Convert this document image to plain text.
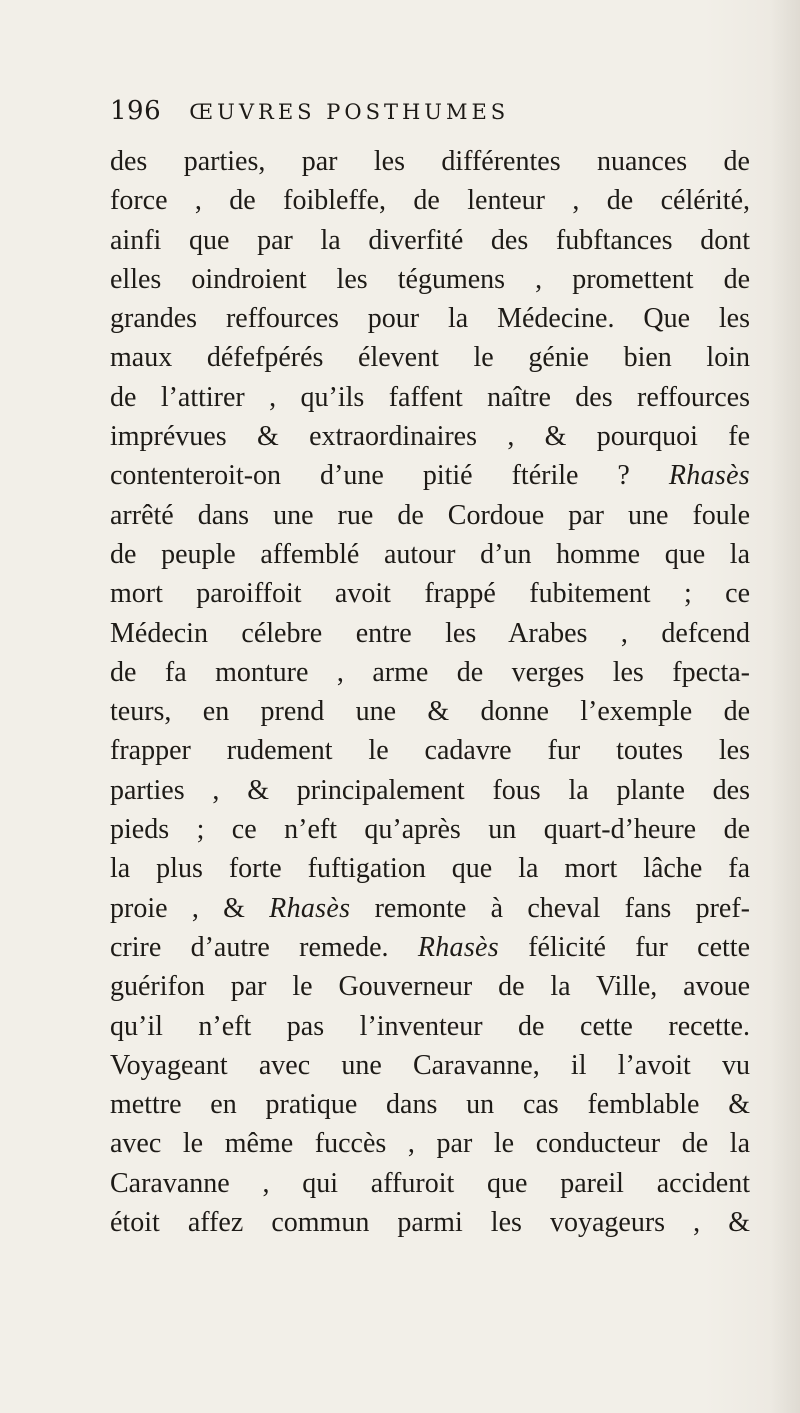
196 ŒUVRES POSTHUMES
des parties, par les différentes nuances de
force , de foibleffe, de lenteur , de célérité,
ainfi que par la diverfité des fubftances dont
elles oindroient les tégumens , promettent de
grandes reffources pour la Médecine. Que les
maux défefpérés élevent le génie bien loin
de l’attirer , qu’ils faffent naître des reffources
imprévues & extraordinaires , & pourquoi fe
contenteroit-on d’une pitié ftérile ? Rhasès
arrêté dans une rue de Cordoue par une foule
de peuple affemblé autour d’un homme que la
mort paroiffoit avoit frappé fubitement ; ce
Médecin célebre entre les Arabes , defcend
de fa monture , arme de verges les fpecta-
teurs, en prend une & donne l’exemple de
frapper rudement le cadavre fur toutes les
parties , & principalement fous la plante des
pieds ; ce n’eft qu’après un quart-d’heure de
la plus forte fuftigation que la mort lâche fa
proie , & Rhasès remonte à cheval fans pref-
crire d’autre remede. Rhasès félicité fur cette
guérifon par le Gouverneur de la Ville, avoue
qu’il n’eft pas l’inventeur de cette recette.
Voyageant avec une Caravanne, il l’avoit vu
mettre en pratique dans un cas femblable &
avec le même fuccès , par le conducteur de la
Caravanne , qui affuroit que pareil accident
étoit affez commun parmi les voyageurs , &
